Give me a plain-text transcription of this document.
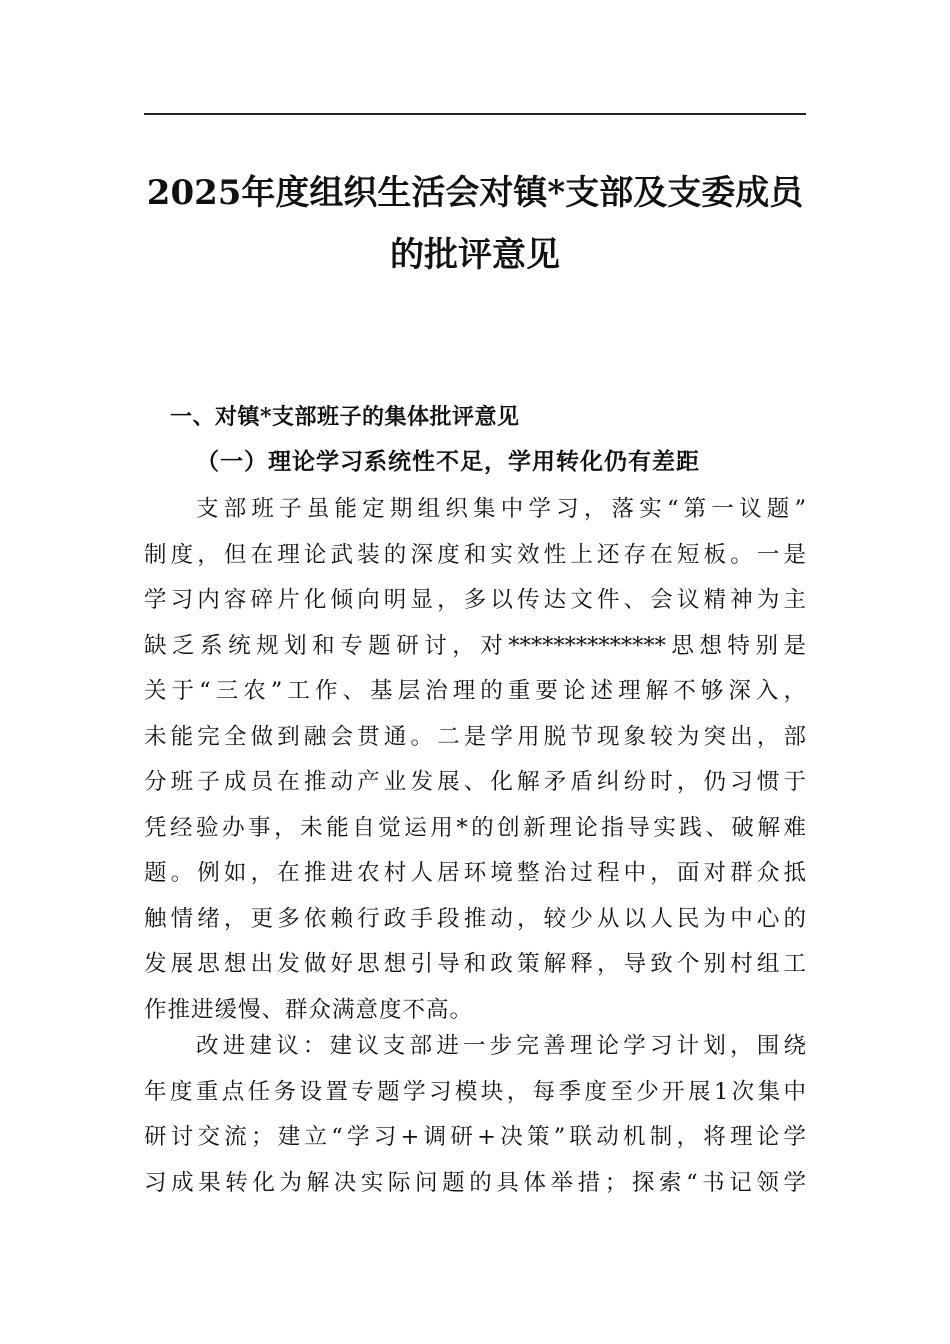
2025年度组织生活会对镇*支部及支委成员
的批评意见
一、对镇*支部班子的集体批评意见
（一）理论学习系统性不足，学用转化仍有差距
支部班子虽能定期组织集中学习，落实“第一议题”
制度，但在理论武装的深度和实效性上还存在短板。一是
学习内容碎片化倾向明显，多以传达文件、会议精神为主
缺乏系统规划和专题研讨，对**************思想特别是
关于“三农”工作、基层治理的重要论述理解不够深入，
未能完全做到融会贯通。二是学用脱节现象较为突出，部
分班子成员在推动产业发展、化解矛盾纠纷时，仍习惯于
凭经验办事，未能自觉运用*的创新理论指导实践、破解难
题。例如，在推进农村人居环境整治过程中，面对群众抵
触情绪，更多依赖行政手段推动，较少从以人民为中心的
发展思想出发做好思想引导和政策解释，导致个别村组工
作推进缓慢、群众满意度不高。
改进建议：建议支部进一步完善理论学习计划，围绕
年度重点任务设置专题学习模块，每季度至少开展1次集中
研讨交流；建立“学习+调研+决策”联动机制，将理论学
习成果转化为解决实际问题的具体举措；探索“书记领学
